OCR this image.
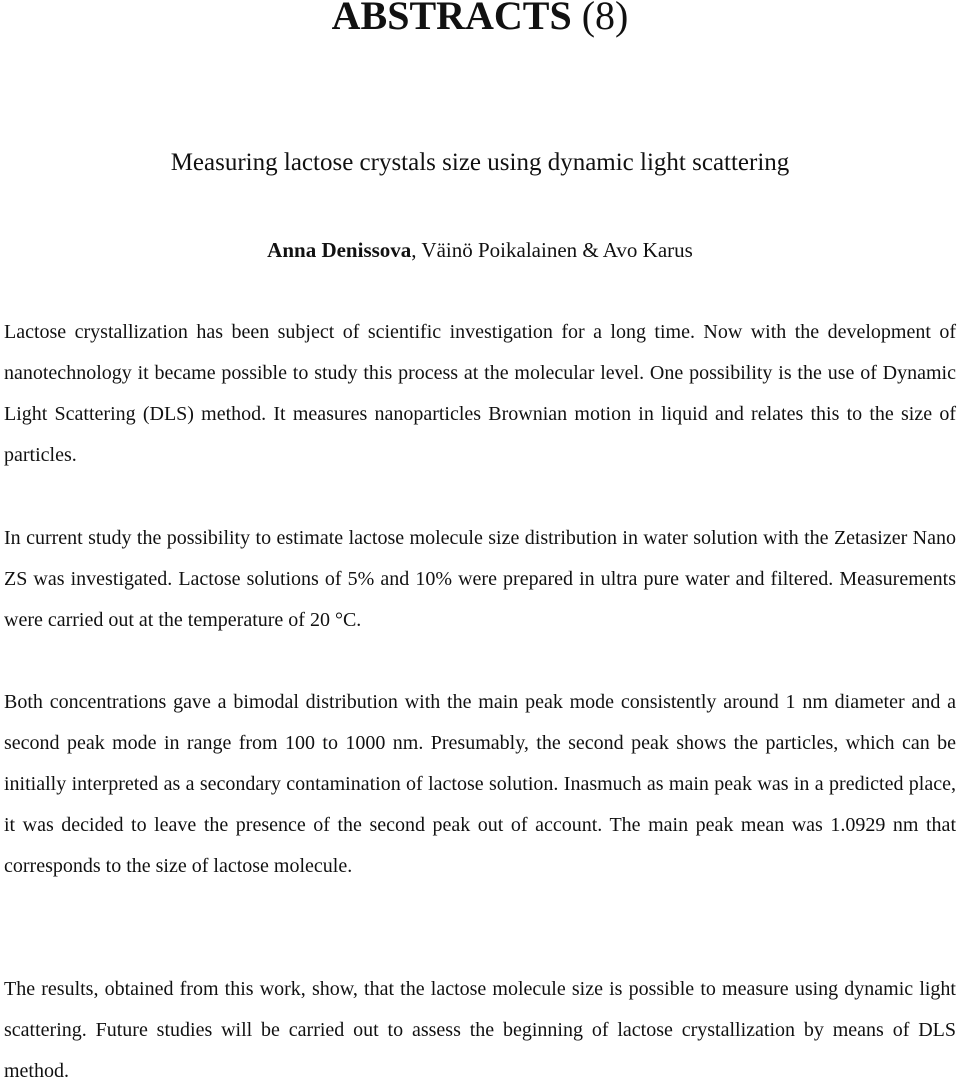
ABSTRACTS (8)
Measuring lactose crystals size using dynamic light scattering
Anna Denissova, Väinö Poikalainen & Avo Karus

Lactose crystallization has been subject of scientific investigation for a long time. Now with the development of nanotechnology it became possible to study this process at the molecular level. One possibility is the use of Dynamic Light Scattering (DLS) method. It measures nanoparticles Brownian motion in liquid and relates this to the size of particles.

In current study the possibility to estimate lactose molecule size distribution in water solution with the Zetasizer Nano ZS was investigated. Lactose solutions of 5% and 10% were prepared in ultra pure water and filtered. Measurements were carried out at the temperature of 20 °C.

Both concentrations gave a bimodal distribution with the main peak mode consistently around 1 nm diameter and a second peak mode in range from 100 to 1000 nm. Presumably, the second peak shows the particles, which can be initially interpreted as a secondary contamination of lactose solution. Inasmuch as main peak was in a predicted place, it was decided to leave the presence of the second peak out of account. The main peak mean was 1.0929 nm that corresponds to the size of lactose molecule.

The results, obtained from this work, show, that the lactose molecule size is possible to measure using dynamic light scattering. Future studies will be carried out to assess the beginning of lactose crystallization by means of DLS method.
